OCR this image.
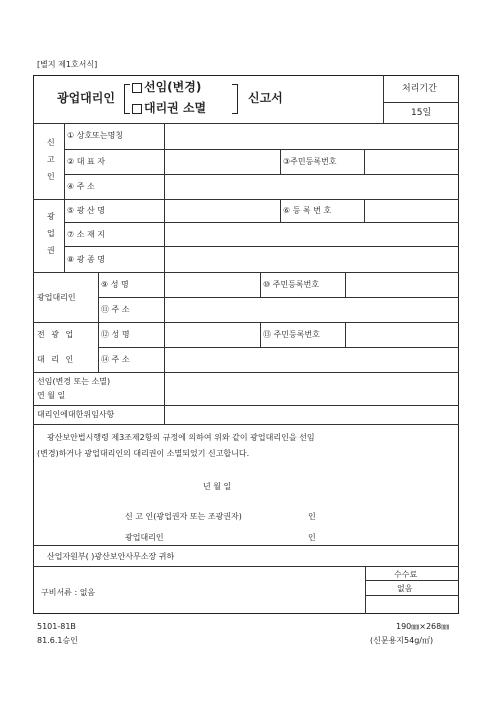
[별지 제1호서식]
광업대리인
선임(변경)
대리권 소멸
신고서
처리기간
15일
신
고
인
① 상호또는명칭
② 대 표 자	③주민등록번호
④ 주 소
광
업
권
⑤ 광 산 명	⑥ 등 록 번 호
⑦ 소 재 지
⑧ 광 종 명
광업대리인
⑨ 성 명	⑩ 주민등록번호
⑪ 주 소
전 광 업
대 리 인
⑫ 성 명	⑬ 주민등록번호
⑭ 주 소
선임(변경 또는 소멸)
연 월 일
대리인에대한위임사항
광산보안법시행령 제3조제2항의 규정에 의하여 위와 같이 광업대리인을 선임
(변경)하거나 광업대리인의 대리권이 소멸되었기 신고합니다.
년 월 일
신 고 인(광업권자 또는 조광권자)	인
광업대리인	인
산업자원부( )광산보안사무소장 귀하
구비서류 : 없음
수수료
없음
5101-81B
81.6.1승인
190㎜×268㎜
(신문용지54g/㎡)
